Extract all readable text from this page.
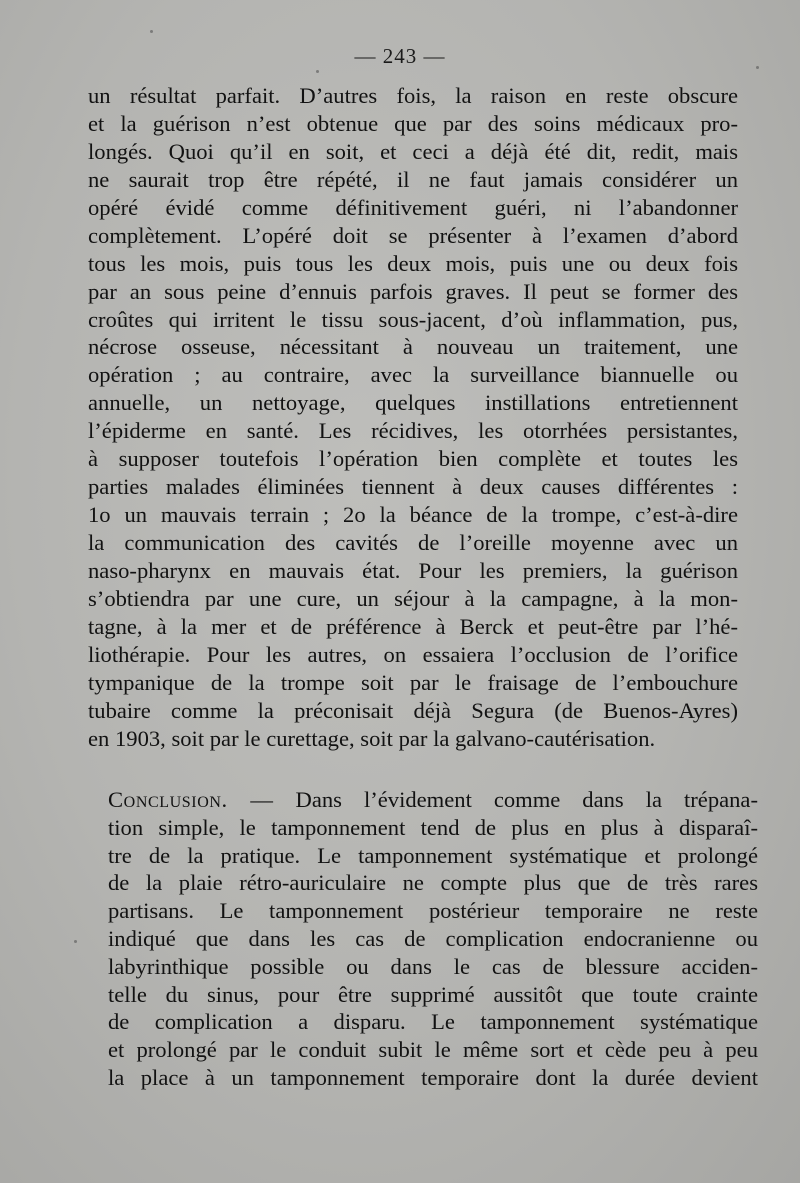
— 243 —
un résultat parfait. D’autres fois, la raison en reste obscure
et la guérison n’est obtenue que par des soins médicaux pro-
longés. Quoi qu’il en soit, et ceci a déjà été dit, redit, mais
ne saurait trop être répété, il ne faut jamais considérer un
opéré évidé comme définitivement guéri, ni l’abandonner
complètement. L’opéré doit se présenter à l’examen d’abord
tous les mois, puis tous les deux mois, puis une ou deux fois
par an sous peine d’ennuis parfois graves. Il peut se former des
croûtes qui irritent le tissu sous-jacent, d’où inflammation, pus,
nécrose osseuse, nécessitant à nouveau un traitement, une
opération ; au contraire, avec la surveillance biannuelle ou
annuelle, un nettoyage, quelques instillations entretiennent
l’épiderme en santé. Les récidives, les otorrhées persistantes,
à supposer toutefois l’opération bien complète et toutes les
parties malades éliminées tiennent à deux causes différentes :
1o un mauvais terrain ; 2o la béance de la trompe, c’est-à-dire
la communication des cavités de l’oreille moyenne avec un
naso-pharynx en mauvais état. Pour les premiers, la guérison
s’obtiendra par une cure, un séjour à la campagne, à la mon-
tagne, à la mer et de préférence à Berck et peut-être par l’hé-
liothérapie. Pour les autres, on essaiera l’occlusion de l’orifice
tympanique de la trompe soit par le fraisage de l’embouchure
tubaire comme la préconisait déjà Segura (de Buenos-Ayres)
en 1903, soit par le curettage, soit par la galvano-cautérisation.
Conclusion. — Dans l’évidement comme dans la trépana-
tion simple, le tamponnement tend de plus en plus à disparaî-
tre de la pratique. Le tamponnement systématique et prolongé
de la plaie rétro-auriculaire ne compte plus que de très rares
partisans. Le tamponnement postérieur temporaire ne reste
indiqué que dans les cas de complication endocranienne ou
labyrinthique possible ou dans le cas de blessure acciden-
telle du sinus, pour être supprimé aussitôt que toute crainte
de complication a disparu. Le tamponnement systématique
et prolongé par le conduit subit le même sort et cède peu à peu
la place à un tamponnement temporaire dont la durée devient
